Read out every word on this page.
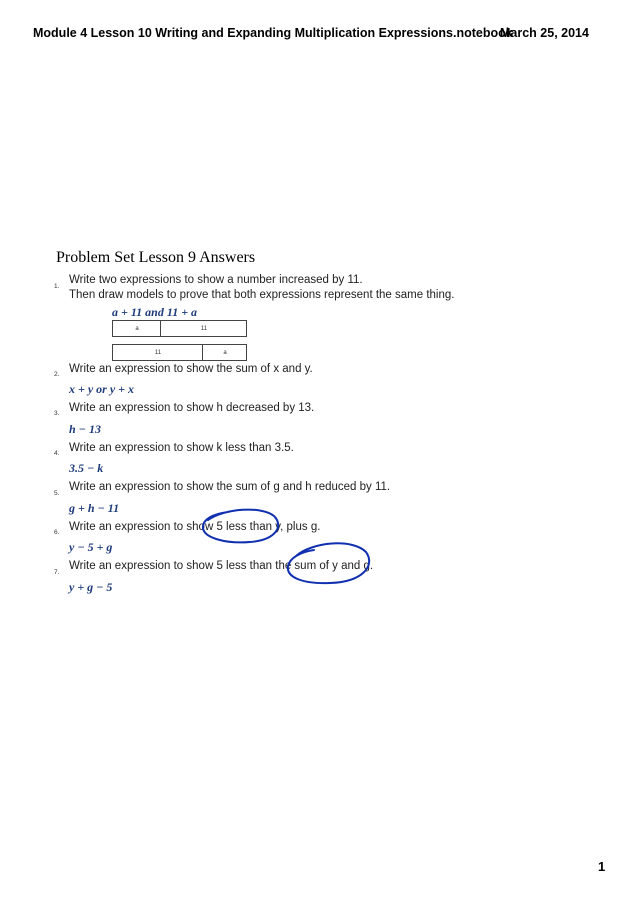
Module 4 Lesson 10 Writing and Expanding Multiplication Expressions.notebook
March 25, 2014
Problem Set Lesson 9 Answers
1.
Write two expressions to show a number increased by 11.
Then draw models to prove that both expressions represent the same thing.
a + 11 and 11 + a
a	11
11	a
2. Write an expression to show the sum of x and y.
x + y or y + x
3. Write an expression to show h decreased by 13.
h − 13
4. Write an expression to show k less than 3.5.
3.5 − k
5.
Write an expression to show the sum of g and h reduced by 11.
g + h − 11
6. Write an expression to show 5 less than y, plus g.
y − 5 + g
7.
Write an expression to show 5 less than the sum of y and g.
y + g − 5
1
